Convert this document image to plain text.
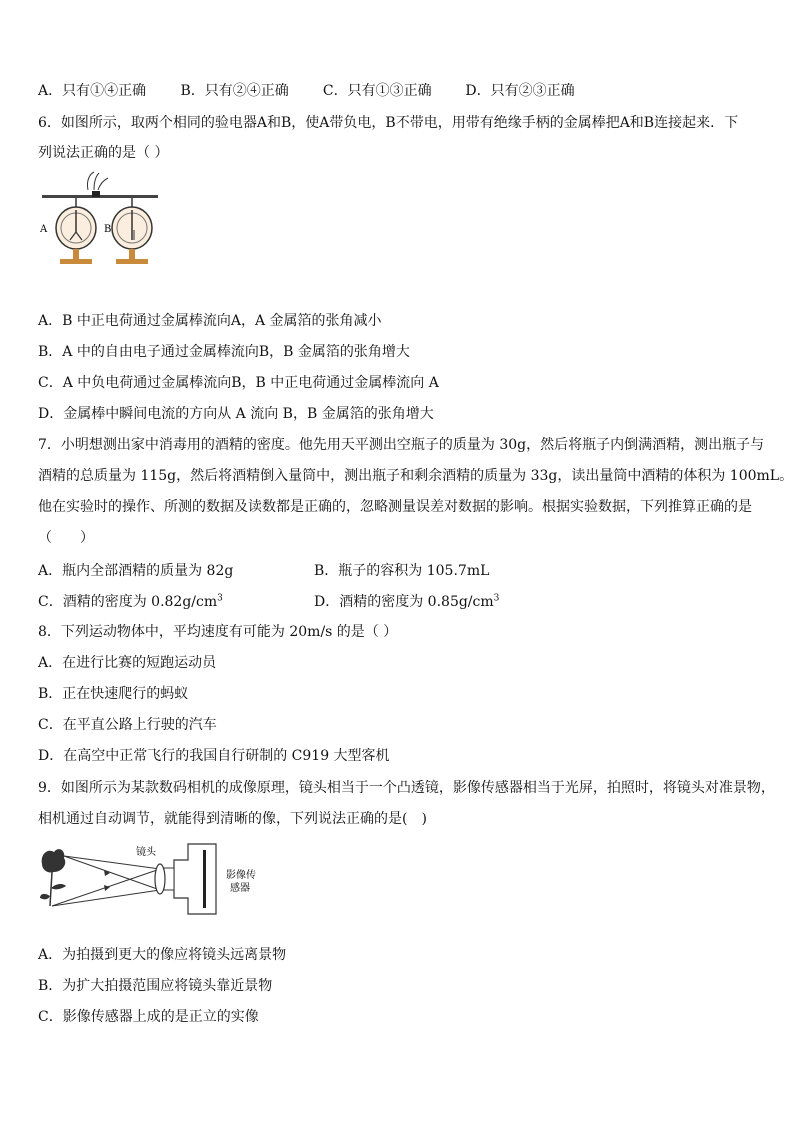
A．只有①④正确 B．只有②④正确 C．只有①③正确 D．只有②③正确
6．如图所示，取两个相同的验电器A和B，使A带负电，B不带电，用带有绝缘手柄的金属棒把A和B连接起来．下
列说法正确的是（ ）
A	B
A．B 中正电荷通过金属棒流向A，A 金属箔的张角减小
B．A 中的自由电子通过金属棒流向B，B 金属箔的张角增大
C．A 中负电荷通过金属棒流向B，B 中正电荷通过金属棒流向 A
D．金属棒中瞬间电流的方向从 A 流向 B，B 金属箔的张角增大
7．小明想测出家中消毒用的酒精的密度。他先用天平测出空瓶子的质量为 30g，然后将瓶子内倒满酒精，测出瓶子与
酒精的总质量为 115g，然后将酒精倒入量筒中，测出瓶子和剩余酒精的质量为 33g，读出量筒中酒精的体积为 100mL。
他在实验时的操作、所测的数据及读数都是正确的，忽略测量误差对数据的影响。根据实验数据，下列推算正确的是
（　　）
A．瓶内全部酒精的质量为 82g	B．瓶子的容积为 105.7mL
C．酒精的密度为 $0.82g/cm^3$	D．酒精的密度为 $0.85g/cm^3$
8．下列运动物体中，平均速度有可能为 20m/s 的是（ ）
A．在进行比赛的短跑运动员
B．正在快速爬行的蚂蚁
C．在平直公路上行驶的汽车
D．在高空中正常飞行的我国自行研制的 C919 大型客机
9．如图所示为某款数码相机的成像原理，镜头相当于一个凸透镜，影像传感器相当于光屏，拍照时，将镜头对准景物，
相机通过自动调节，就能得到清晰的像，下列说法正确的是(　)
镜头
影像传
感器
A．为拍摄到更大的像应将镜头远离景物
B．为扩大拍摄范围应将镜头靠近景物
C．影像传感器上成的是正立的实像
